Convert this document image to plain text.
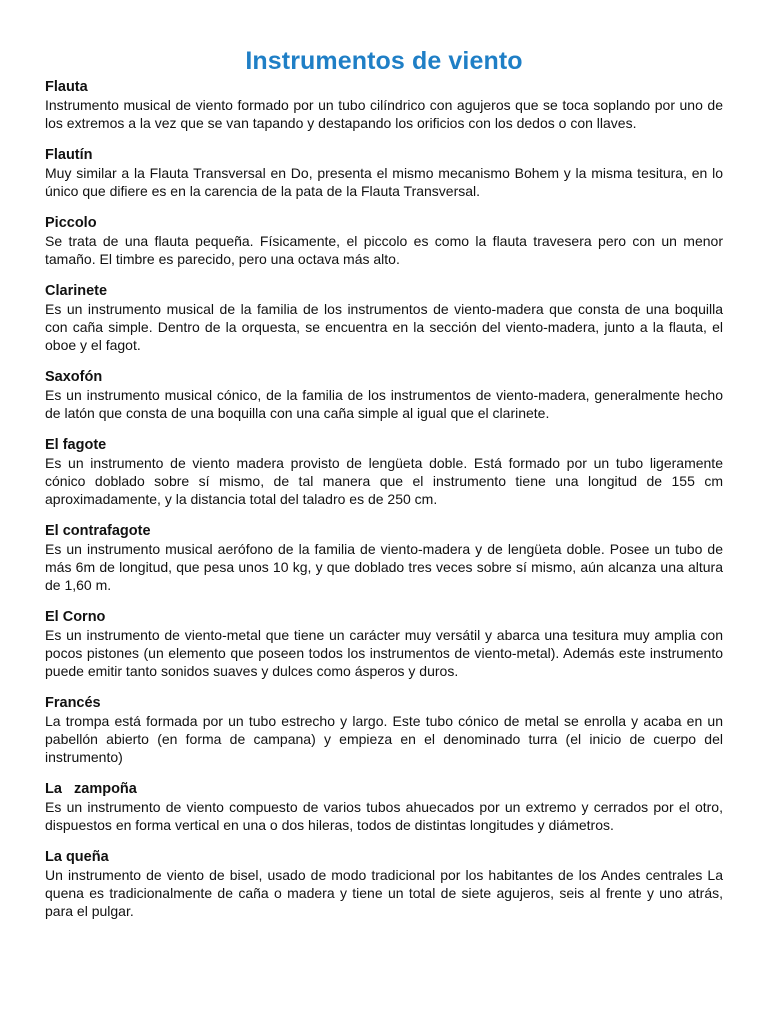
Instrumentos de viento

Flauta

Instrumento musical de viento formado por un tubo cilíndrico con agujeros que se toca soplando por uno de los extremos a la vez que se van tapando y destapando los orificios con los dedos o con llaves.

Flautín

Muy similar a la Flauta Transversal en Do, presenta el mismo mecanismo Bohem y la misma tesitura, en lo único que difiere es en la carencia de la pata de la Flauta Transversal.

Piccolo

Se trata de una flauta pequeña. Físicamente, el piccolo es como la flauta travesera pero con un menor tamaño. El timbre es parecido, pero una octava más alto.

Clarinete

Es un instrumento musical de la familia de los instrumentos de viento-madera que consta de una boquilla con caña simple. Dentro de la orquesta, se encuentra en la sección del viento-madera, junto a la flauta, el oboe y el fagot.

Saxofón

Es un instrumento musical cónico, de la familia de los instrumentos de viento-madera, generalmente hecho de latón que consta de una boquilla con una caña simple al igual que el clarinete.

El fagote

Es un instrumento de viento madera provisto de lengüeta doble. Está formado por un tubo ligeramente cónico doblado sobre sí mismo, de tal manera que el instrumento tiene una longitud de 155 cm aproximadamente, y la distancia total del taladro es de 250 cm.

El contrafagote

Es un instrumento musical aerófono de la familia de viento-madera y de lengüeta doble. Posee un tubo de más 6m de longitud, que pesa unos 10 kg, y que doblado tres veces sobre sí mismo, aún alcanza una altura de 1,60 m.

El Corno

Es un instrumento de viento-metal que tiene un carácter muy versátil y abarca una tesitura muy amplia con pocos pistones (un elemento que poseen todos los instrumentos de viento-metal). Además este instrumento puede emitir tanto sonidos suaves y dulces como ásperos y duros.

Francés

La trompa está formada por un tubo estrecho y largo. Este tubo cónico de metal se enrolla y acaba en un pabellón abierto (en forma de campana) y empieza en el denominado turra (el inicio de cuerpo del instrumento)

La   zampoña

Es un instrumento de viento compuesto de varios tubos ahuecados por un extremo y cerrados por el otro, dispuestos en forma vertical en una o dos hileras, todos de distintas longitudes y diámetros.

La queña

Un instrumento de viento de bisel, usado de modo tradicional por los habitantes de los Andes centrales La quena es tradicionalmente de caña o madera y tiene un total de siete agujeros, seis al frente y uno atrás, para el pulgar.
